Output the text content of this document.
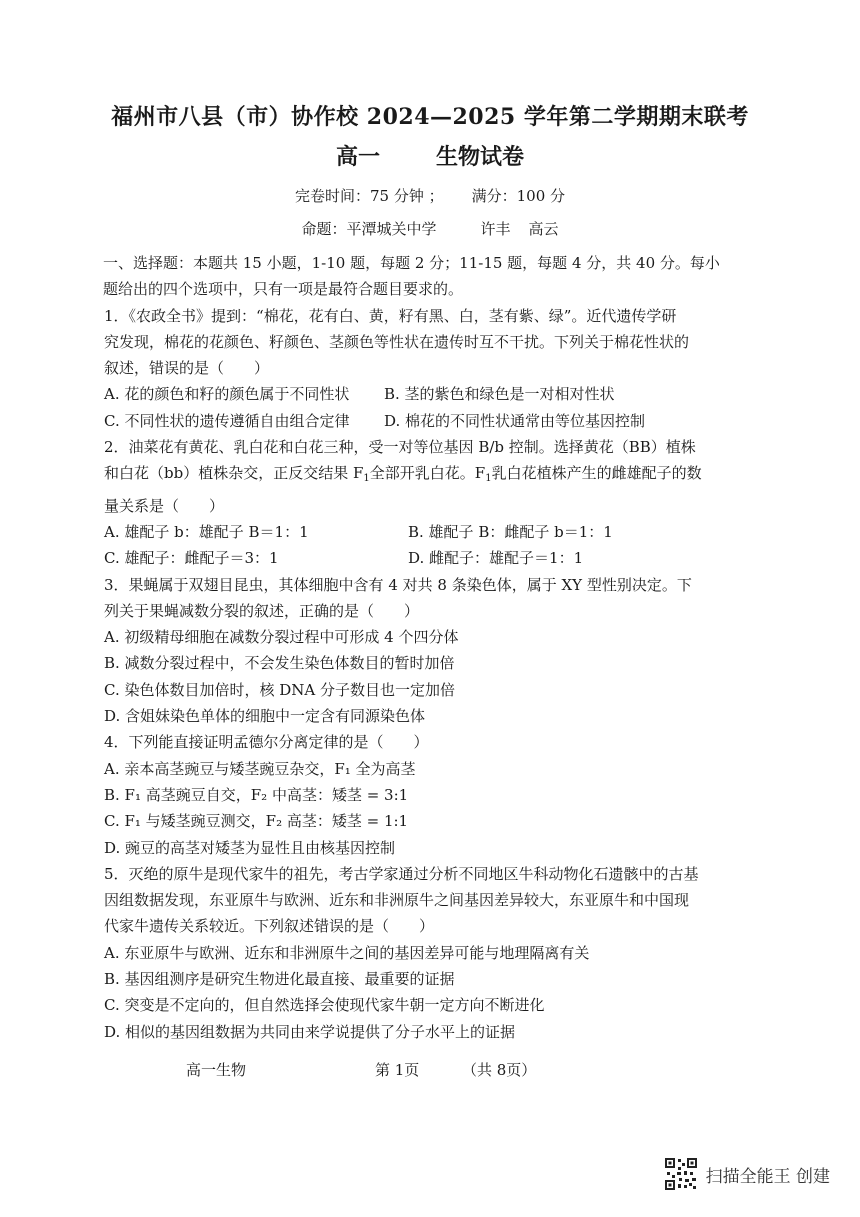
福州市八县（市）协作校 2024—2025 学年第二学期期末联考
高一	生物试卷
完卷时间：75 分钟 ； 满分：100 分
命题：平潭城关中学	许丰 高云

一、选择题：本题共 15 小题，1-10 题，每题 2 分；11-15 题，每题 4 分，共 40 分。每小
题给出的四个选项中，只有一项是最符合题目要求的。

1．《农政全书》提到：“棉花，花有白、黄，籽有黑、白，茎有紫、绿”。近代遗传学研
究发现，棉花的花颜色、籽颜色、茎颜色等性状在遗传时互不干扰。下列关于棉花性状的
叙述，错误的是（　　）
A. 花的颜色和籽的颜色属于不同性状	B. 茎的紫色和绿色是一对相对性状
C. 不同性状的遗传遵循自由组合定律	D. 棉花的不同性状通常由等位基因控制
2．油菜花有黄花、乳白花和白花三种，受一对等位基因 B/b 控制。选择黄花（BB）植株
和白花（bb）植株杂交，正反交结果 $F_1$全部开乳白花。$F_1$乳白花植株产生的雌雄配子的数
量关系是（　　）
A. 雄配子 b：雄配子 B＝1：1	B. 雄配子 B：雌配子 b＝1：1
C. 雄配子：雌配子＝3：1	D. 雌配子：雄配子＝1：1
3．果蝇属于双翅目昆虫，其体细胞中含有 4 对共 8 条染色体，属于 XY 型性别决定。下
列关于果蝇减数分裂的叙述，正确的是（　　）
A. 初级精母细胞在减数分裂过程中可形成 4 个四分体
B. 减数分裂过程中，不会发生染色体数目的暂时加倍
C. 染色体数目加倍时，核 DNA 分子数目也一定加倍
D. 含姐妹染色单体的细胞中一定含有同源染色体
4．下列能直接证明孟德尔分离定律的是（　　）
A. 亲本高茎豌豆与矮茎豌豆杂交，F₁ 全为高茎
B. F₁ 高茎豌豆自交，F₂ 中高茎：矮茎 = 3:1
C. F₁ 与矮茎豌豆测交，F₂ 高茎：矮茎 = 1:1
D. 豌豆的高茎对矮茎为显性且由核基因控制
5．灭绝的原牛是现代家牛的祖先，考古学家通过分析不同地区牛科动物化石遗骸中的古基
因组数据发现，东亚原牛与欧洲、近东和非洲原牛之间基因差异较大，东亚原牛和中国现
代家牛遗传关系较近。下列叙述错误的是（　　）
A. 东亚原牛与欧洲、近东和非洲原牛之间的基因差异可能与地理隔离有关
B. 基因组测序是研究生物进化最直接、最重要的证据
C. 突变是不定向的，但自然选择会使现代家牛朝一定方向不断进化
D. 相似的基因组数据为共同由来学说提供了分子水平上的证据
高一生物	第 1页	（共 8页）
扫描全能王 创建
